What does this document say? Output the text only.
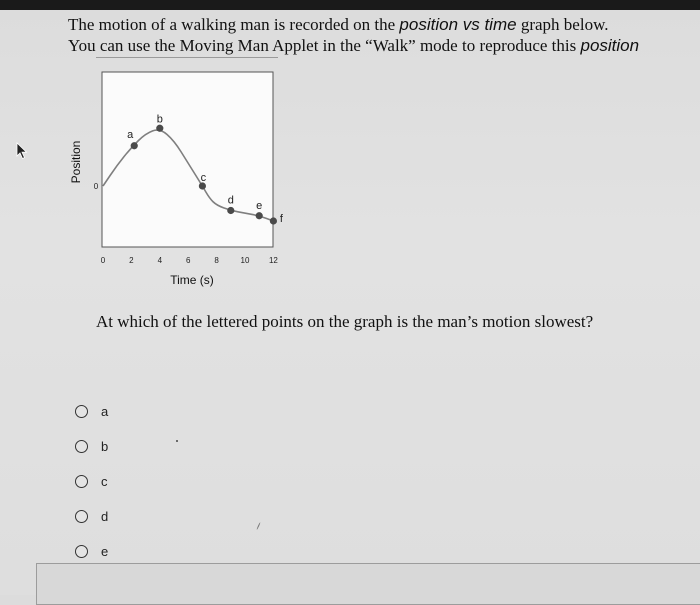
The motion of a walking man is recorded on the position vs time graph below.
You can use the Moving Man Applet in the “Walk” mode to reproduce this position
0	2	4	6	8	10 12
0
Time (s)
Position
a
b
c
d e
f
At which of the lettered points on the graph is the man’s motion slowest?
a
b
c
d
e
